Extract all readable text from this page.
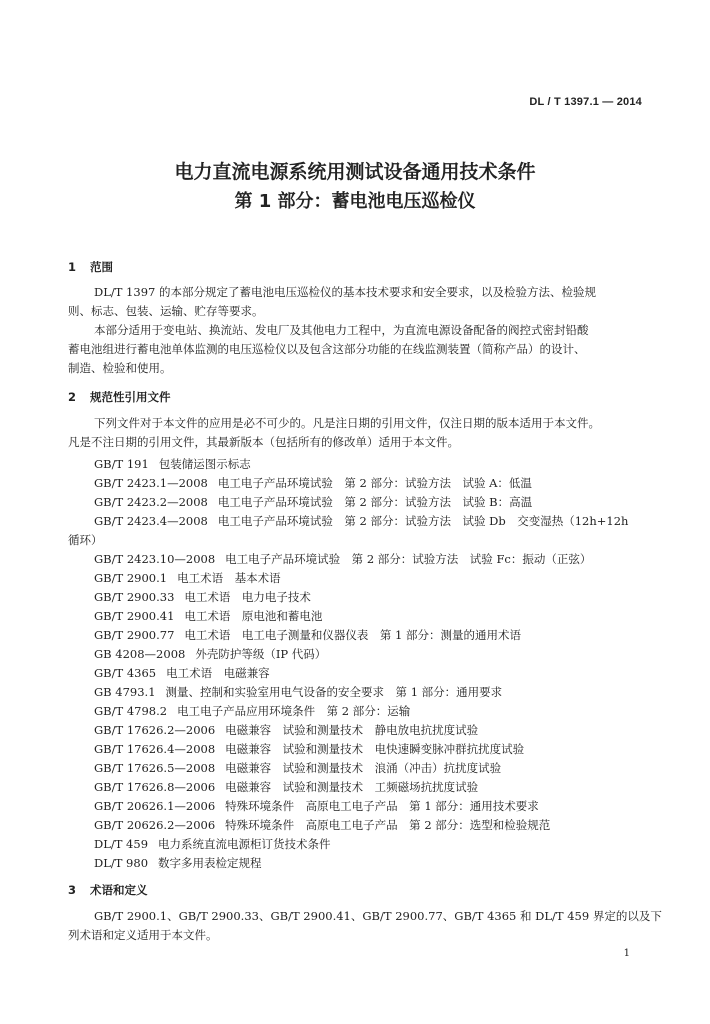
DL / T 1397.1 — 2014
电力直流电源系统用测试设备通用技术条件
第 1 部分：蓄电池电压巡检仪
1 范围
DL/T 1397 的本部分规定了蓄电池电压巡检仪的基本技术要求和安全要求，以及检验方法、检验规
则、标志、包装、运输、贮存等要求。
本部分适用于变电站、换流站、发电厂及其他电力工程中，为直流电源设备配备的阀控式密封铅酸
蓄电池组进行蓄电池单体监测的电压巡检仪以及包含这部分功能的在线监测装置（简称产品）的设计、
制造、检验和使用。
2 规范性引用文件
下列文件对于本文件的应用是必不可少的。凡是注日期的引用文件，仅注日期的版本适用于本文件。
凡是不注日期的引用文件，其最新版本（包括所有的修改单）适用于本文件。
GB/T 191 包装储运图示标志
GB/T 2423.1—2008 电工电子产品环境试验　第 2 部分：试验方法　试验 A：低温
GB/T 2423.2—2008 电工电子产品环境试验　第 2 部分：试验方法　试验 B：高温
GB/T 2423.4—2008 电工电子产品环境试验　第 2 部分：试验方法　试验 Db　交变湿热（12h+12h
循环）
GB/T 2423.10—2008 电工电子产品环境试验　第 2 部分：试验方法　试验 Fc：振动（正弦）
GB/T 2900.1 电工术语　基本术语
GB/T 2900.33 电工术语　电力电子技术
GB/T 2900.41 电工术语　原电池和蓄电池
GB/T 2900.77 电工术语　电工电子测量和仪器仪表　第 1 部分：测量的通用术语
GB 4208—2008 外壳防护等级（IP 代码）
GB/T 4365 电工术语　电磁兼容
GB 4793.1 测量、控制和实验室用电气设备的安全要求　第 1 部分：通用要求
GB/T 4798.2 电工电子产品应用环境条件　第 2 部分：运输
GB/T 17626.2—2006 电磁兼容　试验和测量技术　静电放电抗扰度试验
GB/T 17626.4—2008 电磁兼容　试验和测量技术　电快速瞬变脉冲群抗扰度试验
GB/T 17626.5—2008 电磁兼容　试验和测量技术　浪涌（冲击）抗扰度试验
GB/T 17626.8—2006 电磁兼容　试验和测量技术　工频磁场抗扰度试验
GB/T 20626.1—2006 特殊环境条件　高原电工电子产品　第 1 部分：通用技术要求
GB/T 20626.2—2006 特殊环境条件　高原电工电子产品　第 2 部分：选型和检验规范
DL/T 459 电力系统直流电源柜订货技术条件
DL/T 980 数字多用表检定规程
3 术语和定义
GB/T 2900.1、GB/T 2900.33、GB/T 2900.41、GB/T 2900.77、GB/T 4365 和 DL/T 459 界定的以及下
列术语和定义适用于本文件。
1
